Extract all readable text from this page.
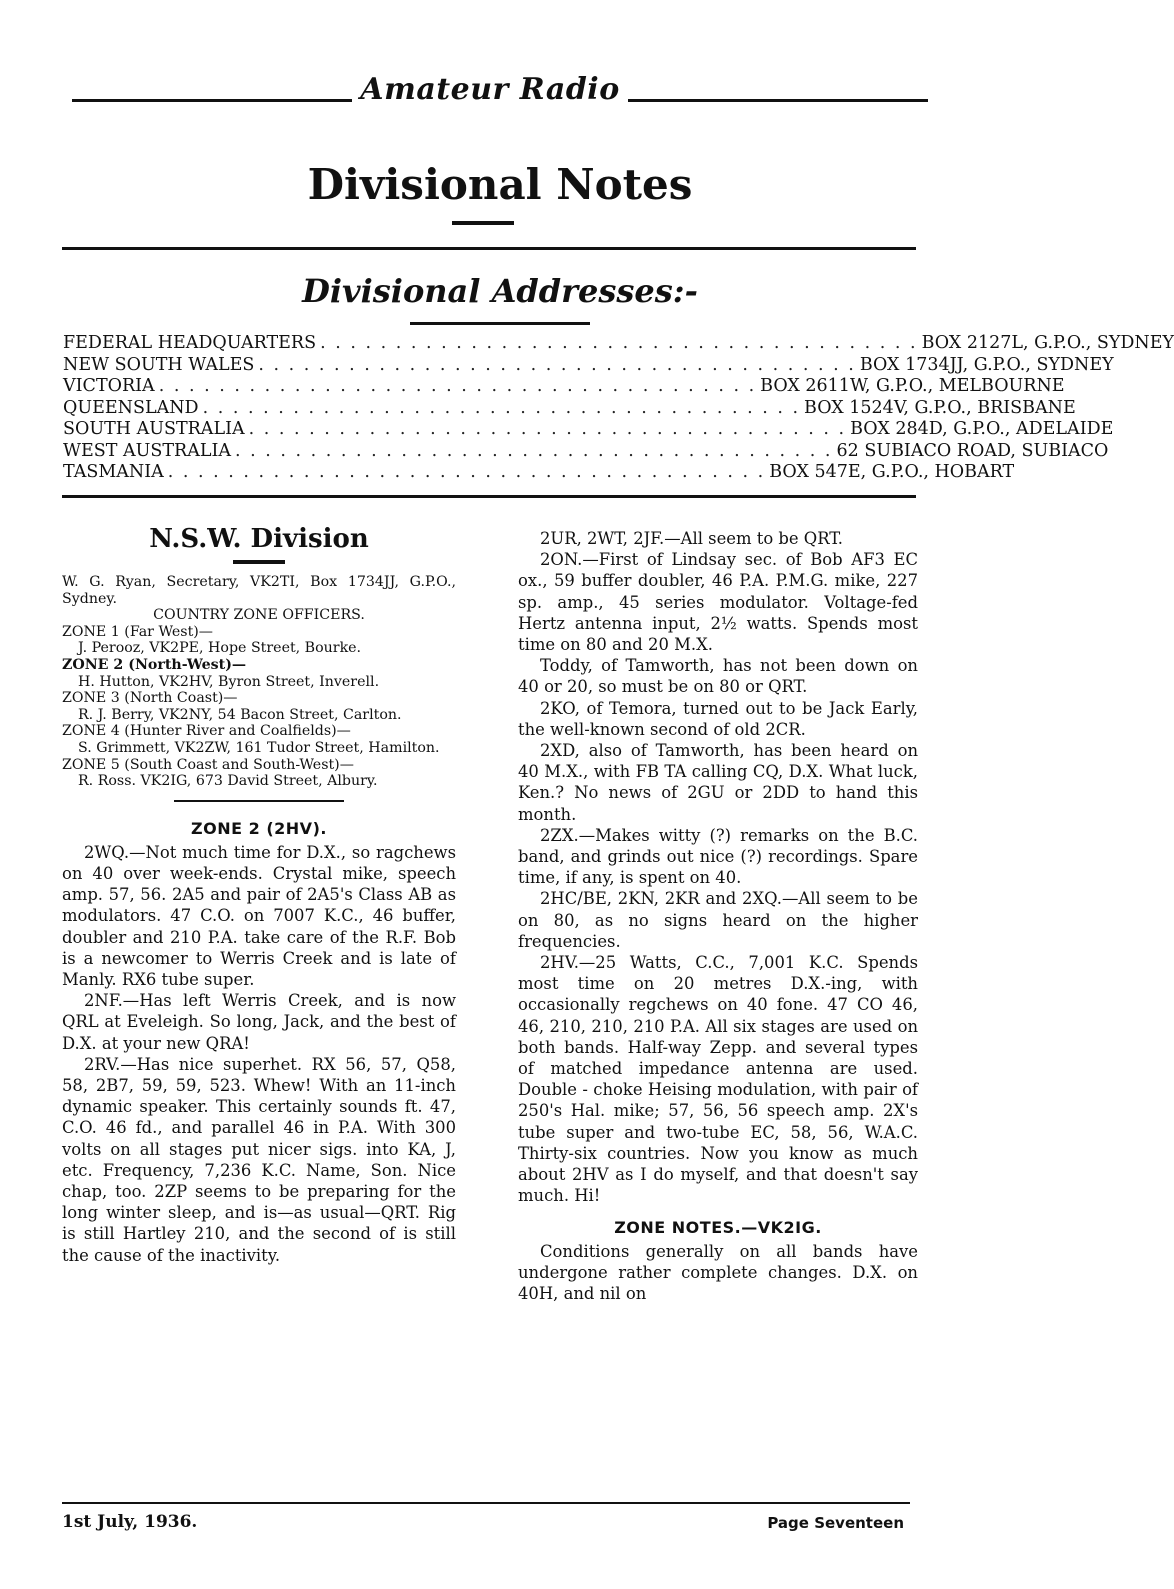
Amateur Radio
Divisional Notes
Divisional Addresses:-
FEDERAL HEADQUARTERS . . . . . . . . . . . . . . . . . . . . . . . . . . . . . . . . . . . . . . . . BOX 2127L, G.P.O., SYDNEY
NEW SOUTH WALES . . . . . . . . . . . . . . . . . . . . . . . . . . . . . . . . . . . . . . . . BOX 1734JJ, G.P.O., SYDNEY
VICTORIA . . . . . . . . . . . . . . . . . . . . . . . . . . . . . . . . . . . . . . . . BOX 2611W, G.P.O., MELBOURNE
QUEENSLAND . . . . . . . . . . . . . . . . . . . . . . . . . . . . . . . . . . . . . . . . BOX 1524V, G.P.O., BRISBANE
SOUTH AUSTRALIA . . . . . . . . . . . . . . . . . . . . . . . . . . . . . . . . . . . . . . . . BOX 284D, G.P.O., ADELAIDE
WEST AUSTRALIA . . . . . . . . . . . . . . . . . . . . . . . . . . . . . . . . . . . . . . . . 62 SUBIACO ROAD, SUBIACO
TASMANIA . . . . . . . . . . . . . . . . . . . . . . . . . . . . . . . . . . . . . . . . BOX 547E, G.P.O., HOBART
N.S.W. Division
W. G. Ryan, Secretary, VK2TI, Box 1734JJ, G.P.O., Sydney.
COUNTRY ZONE OFFICERS.
ZONE 1 (Far West)—
J. Perooz, VK2PE, Hope Street, Bourke.
ZONE 2 (North-West)—
H. Hutton, VK2HV, Byron Street, Inverell.
ZONE 3 (North Coast)—
R. J. Berry, VK2NY, 54 Bacon Street, Carlton.
ZONE 4 (Hunter River and Coalfields)—
S. Grimmett, VK2ZW, 161 Tudor Street, Hamilton.
ZONE 5 (South Coast and South-West)—
R. Ross. VK2IG, 673 David Street, Albury.
ZONE 2 (2HV).

2WQ.—Not much time for D.X., so ragchews on 40 over week-ends. Crystal mike, speech amp. 57, 56. 2A5 and pair of 2A5's Class AB as modulators. 47 C.O. on 7007 K.C., 46 buffer, doubler and 210 P.A. take care of the R.F. Bob is a newcomer to Werris Creek and is late of Manly. RX6 tube super.

2NF.—Has left Werris Creek, and is now QRL at Eveleigh. So long, Jack, and the best of D.X. at your new QRA!

2RV.—Has nice superhet. RX 56, 57, Q58, 58, 2B7, 59, 59, 523. Whew! With an 11-inch dynamic speaker. This certainly sounds ft. 47, C.O. 46 fd., and parallel 46 in P.A. With 300 volts on all stages put nicer sigs. into KA, J, etc. Frequency, 7,236 K.C. Name, Son. Nice chap, too. 2ZP seems to be preparing for the long winter sleep, and is—as usual—QRT. Rig is still Hartley 210, and the second of is still the cause of the inactivity.

2UR, 2WT, 2JF.—All seem to be QRT.

2ON.—First of Lindsay sec. of Bob AF3 EC ox., 59 buffer doubler, 46 P.A. P.M.G. mike, 227 sp. amp., 45 series modulator. Voltage-fed Hertz antenna input, 2½ watts. Spends most time on 80 and 20 M.X.

Toddy, of Tamworth, has not been down on 40 or 20, so must be on 80 or QRT.

2KO, of Temora, turned out to be Jack Early, the well-known second of old 2CR.

2XD, also of Tamworth, has been heard on 40 M.X., with FB TA calling CQ, D.X. What luck, Ken.? No news of 2GU or 2DD to hand this month.

2ZX.—Makes witty (?) remarks on the B.C. band, and grinds out nice (?) recordings. Spare time, if any, is spent on 40.

2HC/BE, 2KN, 2KR and 2XQ.—All seem to be on 80, as no signs heard on the higher frequencies.

2HV.—25 Watts, C.C., 7,001 K.C. Spends most time on 20 metres D.X.-ing, with occasionally regchews on 40 fone. 47 CO 46, 46, 210, 210, 210 P.A. All six stages are used on both bands. Half-way Zepp. and several types of matched impedance antenna are used. Double - choke Heising modulation, with pair of 250's Hal. mike; 57, 56, 56 speech amp. 2X's tube super and two-tube EC, 58, 56, W.A.C. Thirty-six countries. Now you know as much about 2HV as I do myself, and that doesn't say much. Hi!

ZONE NOTES.—VK2IG.

Conditions generally on all bands have undergone rather complete changes. D.X. on 40H, and nil on

1st July, 1936.	Page Seventeen
